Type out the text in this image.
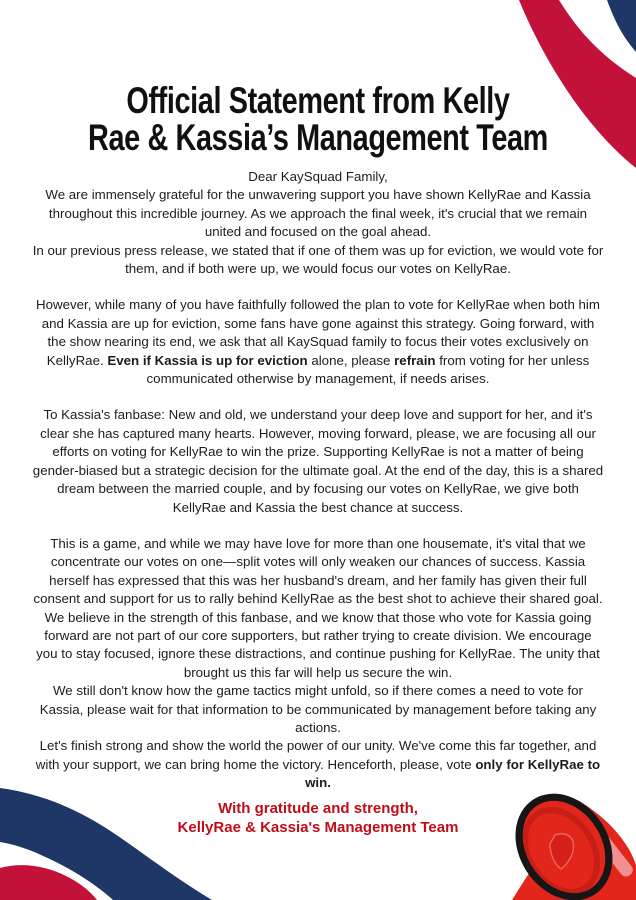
Official Statement from Kelly
Rae & Kassia’s Management Team

Dear KaySquad Family,

We are immensely grateful for the unwavering support you have shown KellyRae and Kassia throughout this incredible journey. As we approach the final week, it's crucial that we remain united and focused on the goal ahead.

In our previous press release, we stated that if one of them was up for eviction, we would vote for them, and if both were up, we would focus our votes on KellyRae.

However, while many of you have faithfully followed the plan to vote for KellyRae when both him and Kassia are up for eviction, some fans have gone against this strategy. Going forward, with the show nearing its end, we ask that all KaySquad family to focus their votes exclusively on KellyRae. Even if Kassia is up for eviction alone, please refrain from voting for her unless communicated otherwise by management, if needs arises.

To Kassia's fanbase: New and old, we understand your deep love and support for her, and it's clear she has captured many hearts. However, moving forward, please, we are focusing all our efforts on voting for KellyRae to win the prize. Supporting KellyRae is not a matter of being gender-biased but a strategic decision for the ultimate goal. At the end of the day, this is a shared dream between the married couple, and by focusing our votes on KellyRae, we give both KellyRae and Kassia the best chance at success.

This is a game, and while we may have love for more than one housemate, it's vital that we concentrate our votes on one—split votes will only weaken our chances of success. Kassia herself has expressed that this was her husband's dream, and her family has given their full consent and support for us to rally behind KellyRae as the best shot to achieve their shared goal.

We believe in the strength of this fanbase, and we know that those who vote for Kassia going forward are not part of our core supporters, but rather trying to create division. We encourage you to stay focused, ignore these distractions, and continue pushing for KellyRae. The unity that brought us this far will help us secure the win.

We still don't know how the game tactics might unfold, so if there comes a need to vote for Kassia, please wait for that information to be communicated by management before taking any actions.

Let's finish strong and show the world the power of our unity. We've come this far together, and with your support, we can bring home the victory. Henceforth, please, vote only for KellyRae to win.

With gratitude and strength,
KellyRae & Kassia's Management Team
